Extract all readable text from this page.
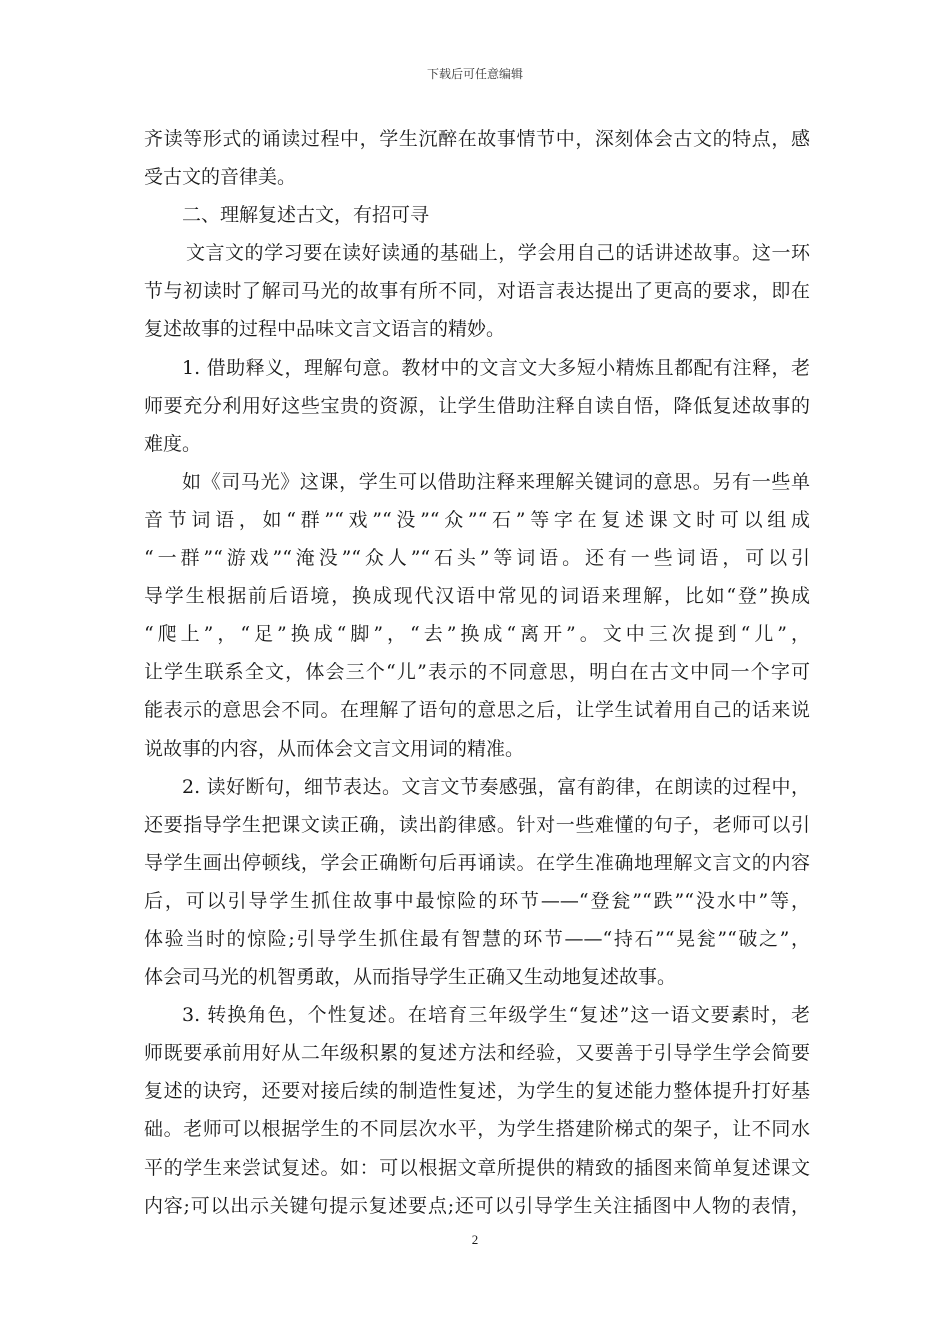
下载后可任意编辑
齐读等形式的诵读过程中，学生沉醉在故事情节中，深刻体会古文的特点，感
受古文的音律美。
二、理解复述古文，有招可寻
文言文的学习要在读好读通的基础上，学会用自己的话讲述故事。这一环
节与初读时了解司马光的故事有所不同，对语言表达提出了更高的要求，即在
复述故事的过程中品味文言文语言的精妙。
1. 借助释义，理解句意。教材中的文言文大多短小精炼且都配有注释，老
师要充分利用好这些宝贵的资源，让学生借助注释自读自悟，降低复述故事的
难度。
如《司马光》这课，学生可以借助注释来理解关键词的意思。另有一些单
音节词语，如“群”“戏”“没”“众”“石”等字在复述课文时可以组成
“一群”“游戏”“淹没”“众人”“石头”等词语。还有一些词语，可以引
导学生根据前后语境，换成现代汉语中常见的词语来理解，比如“登”换成
“爬上”，“足”换成“脚”，“去”换成“离开”。文中三次提到“儿”，
让学生联系全文，体会三个“儿”表示的不同意思，明白在古文中同一个字可
能表示的意思会不同。在理解了语句的意思之后，让学生试着用自己的话来说
说故事的内容，从而体会文言文用词的精准。
2. 读好断句，细节表达。文言文节奏感强，富有韵律，在朗读的过程中，
还要指导学生把课文读正确，读出韵律感。针对一些难懂的句子，老师可以引
导学生画出停顿线，学会正确断句后再诵读。在学生准确地理解文言文的内容
后，可以引导学生抓住故事中最惊险的环节——“登瓮”“跌”“没水中”等，
体验当时的惊险;引导学生抓住最有智慧的环节——“持石”“晃瓮”“破之”，
体会司马光的机智勇敢，从而指导学生正确又生动地复述故事。
3. 转换角色，个性复述。在培育三年级学生“复述”这一语文要素时，老
师既要承前用好从二年级积累的复述方法和经验，又要善于引导学生学会简要
复述的诀窍，还要对接后续的制造性复述，为学生的复述能力整体提升打好基
础。老师可以根据学生的不同层次水平，为学生搭建阶梯式的架子，让不同水
平的学生来尝试复述。如：可以根据文章所提供的精致的插图来简单复述课文
内容;可以出示关键句提示复述要点;还可以引导学生关注插图中人物的表情，
2
